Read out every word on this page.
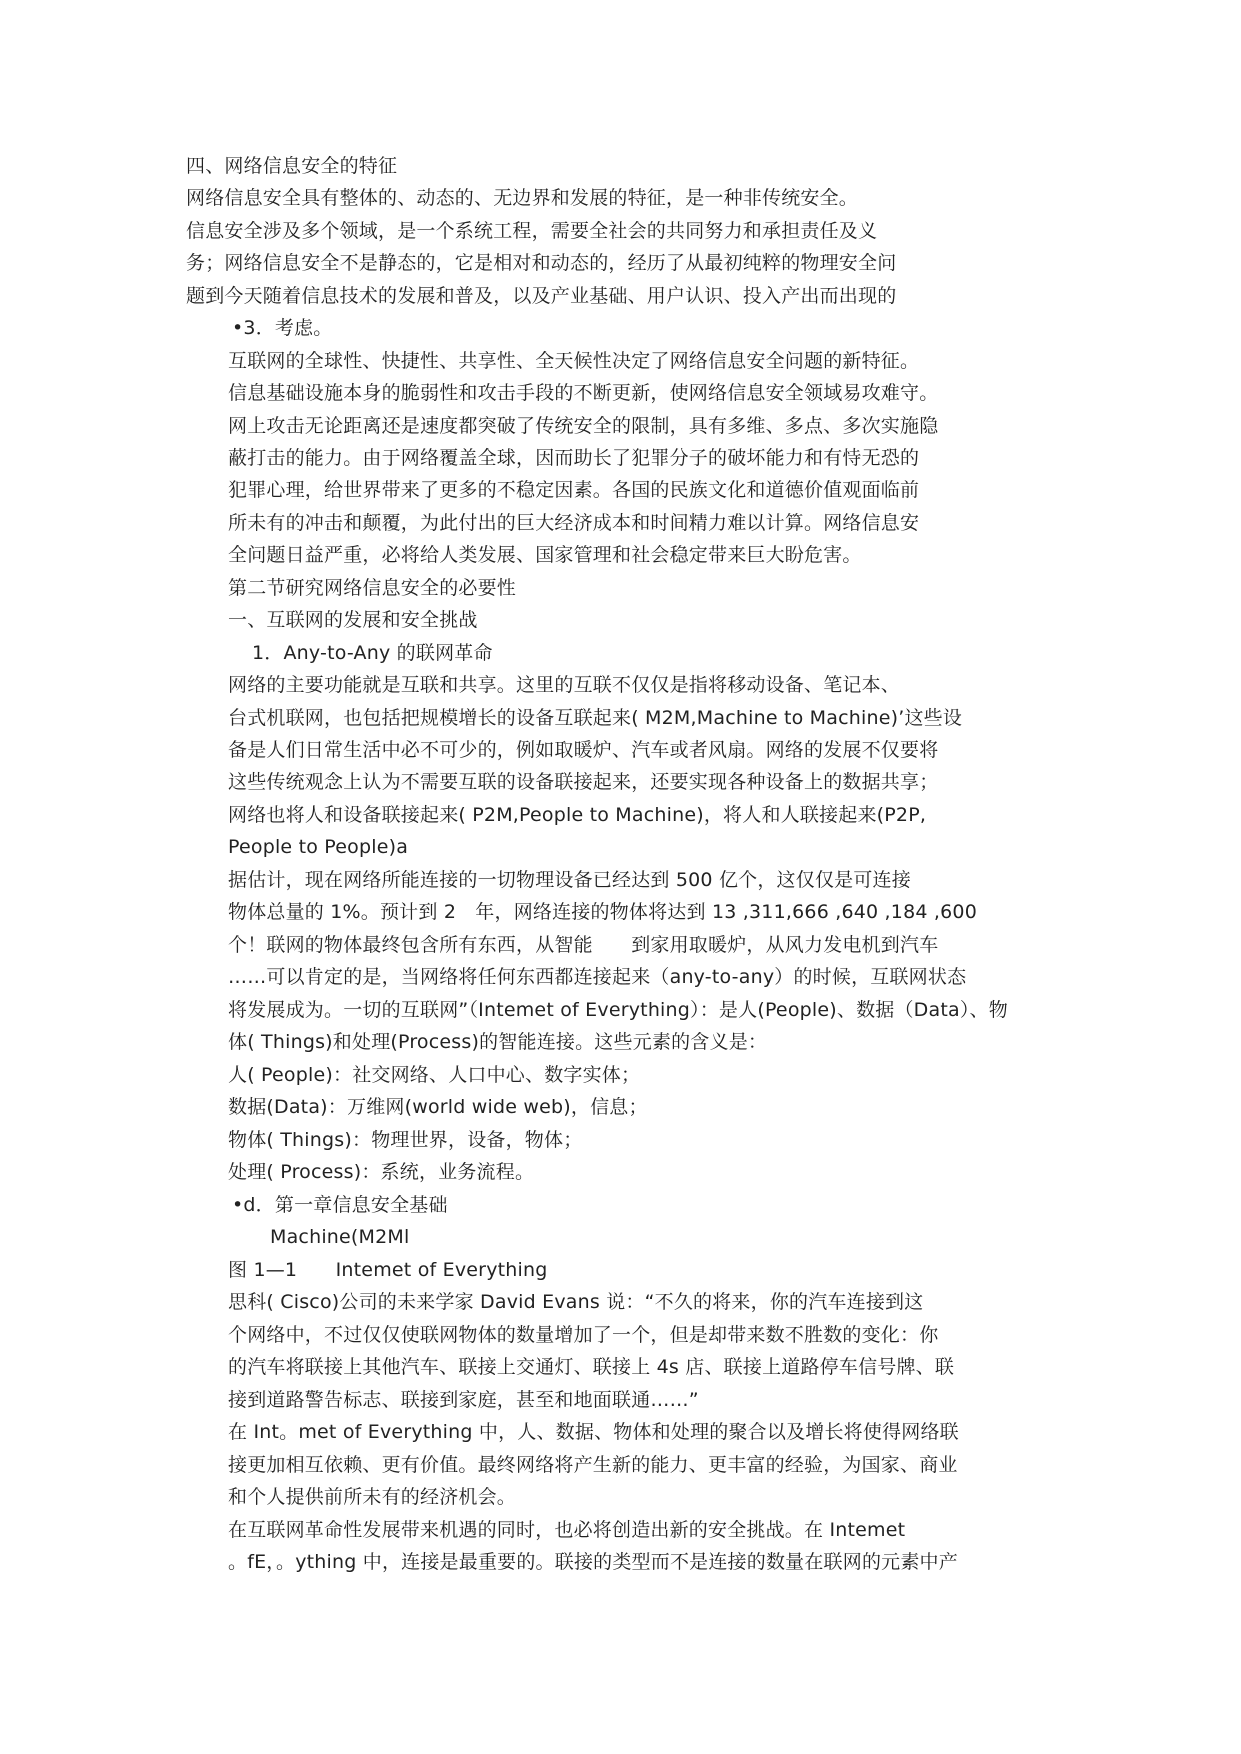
四、网络信息安全的特征
网络信息安全具有整体的、动态的、无边界和发展的特征，是一种非传统安全。
信息安全涉及多个领域，是一个系统工程，需要全社会的共同努力和承担责任及义
务；网络信息安全不是静态的，它是相对和动态的，经历了从最初纯粹的物理安全问
题到今天随着信息技术的发展和普及，以及产业基础、用户认识、投入产出而出现的
•3．考虑。
互联网的全球性、快捷性、共享性、全天候性决定了网络信息安全问题的新特征。
信息基础设施本身的脆弱性和攻击手段的不断更新，使网络信息安全领域易攻难守。
网上攻击无论距离还是速度都突破了传统安全的限制，具有多维、多点、多次实施隐
蔽打击的能力。由于网络覆盖全球，因而助长了犯罪分子的破坏能力和有恃无恐的
犯罪心理，给世界带来了更多的不稳定因素。各国的民族文化和道德价值观面临前
所未有的冲击和颠覆，为此付出的巨大经济成本和时间精力难以计算。网络信息安
全问题日益严重，必将给人类发展、国家管理和社会稳定带来巨大盼危害。
第二节研究网络信息安全的必要性
一、互联网的发展和安全挑战
1．Any-to-Any 的联网革命
网络的主要功能就是互联和共享。这里的互联不仅仅是指将移动设备、笔记本、
台式机联网，也包括把规模增长的设备互联起来( M2M,Machine to Machine)’这些设
备是人们日常生活中必不可少的，例如取暖炉、汽车或者风扇。网络的发展不仅要将
这些传统观念上认为不需要互联的设备联接起来，还要实现各种设备上的数据共享；
网络也将人和设备联接起来( P2M,People to Machine)，将人和人联接起来(P2P,
People to People)a
据估计，现在网络所能连接的一切物理设备已经达到 500 亿个，这仅仅是可连接
物体总量的 1%。预计到 2　年，网络连接的物体将达到 13 ,311,666 ,640 ,184 ,600
个！联网的物体最终包含所有东西，从智能　　到家用取暖炉，从风力发电机到汽车
……可以肯定的是，当网络将任何东西都连接起来（any-to-any）的时候，互联网状态
将发展成为。一切的互联网”（Intemet of Everything）：是人(People)、数据（Data）、物
体( Things)和处理(Process)的智能连接。这些元素的含义是：
人( People)：社交网络、人口中心、数字实体；
数据(Data)：万维网(world wide web)，信息；
物体( Things)：物理世界，设备，物体；
处理( Process)：系统，业务流程。
•d．第一章信息安全基础
Machine(M2Ml
图 1—1　　Intemet of Everything
思科( Cisco)公司的未来学家 David Evans 说：“不久的将来，你的汽车连接到这
个网络中，不过仅仅使联网物体的数量增加了一个，但是却带来数不胜数的变化：你
的汽车将联接上其他汽车、联接上交通灯、联接上 4s 店、联接上道路停车信号牌、联
接到道路警告标志、联接到家庭，甚至和地面联通……”
在 Int。met of Everything 中，人、数据、物体和处理的聚合以及增长将使得网络联
接更加相互依赖、更有价值。最终网络将产生新的能力、更丰富的经验，为国家、商业
和个人提供前所未有的经济机会。
在互联网革命性发展带来机遇的同时，也必将创造出新的安全挑战。在 Intemet
。fE，。ything 中，连接是最重要的。联接的类型而不是连接的数量在联网的元素中产
